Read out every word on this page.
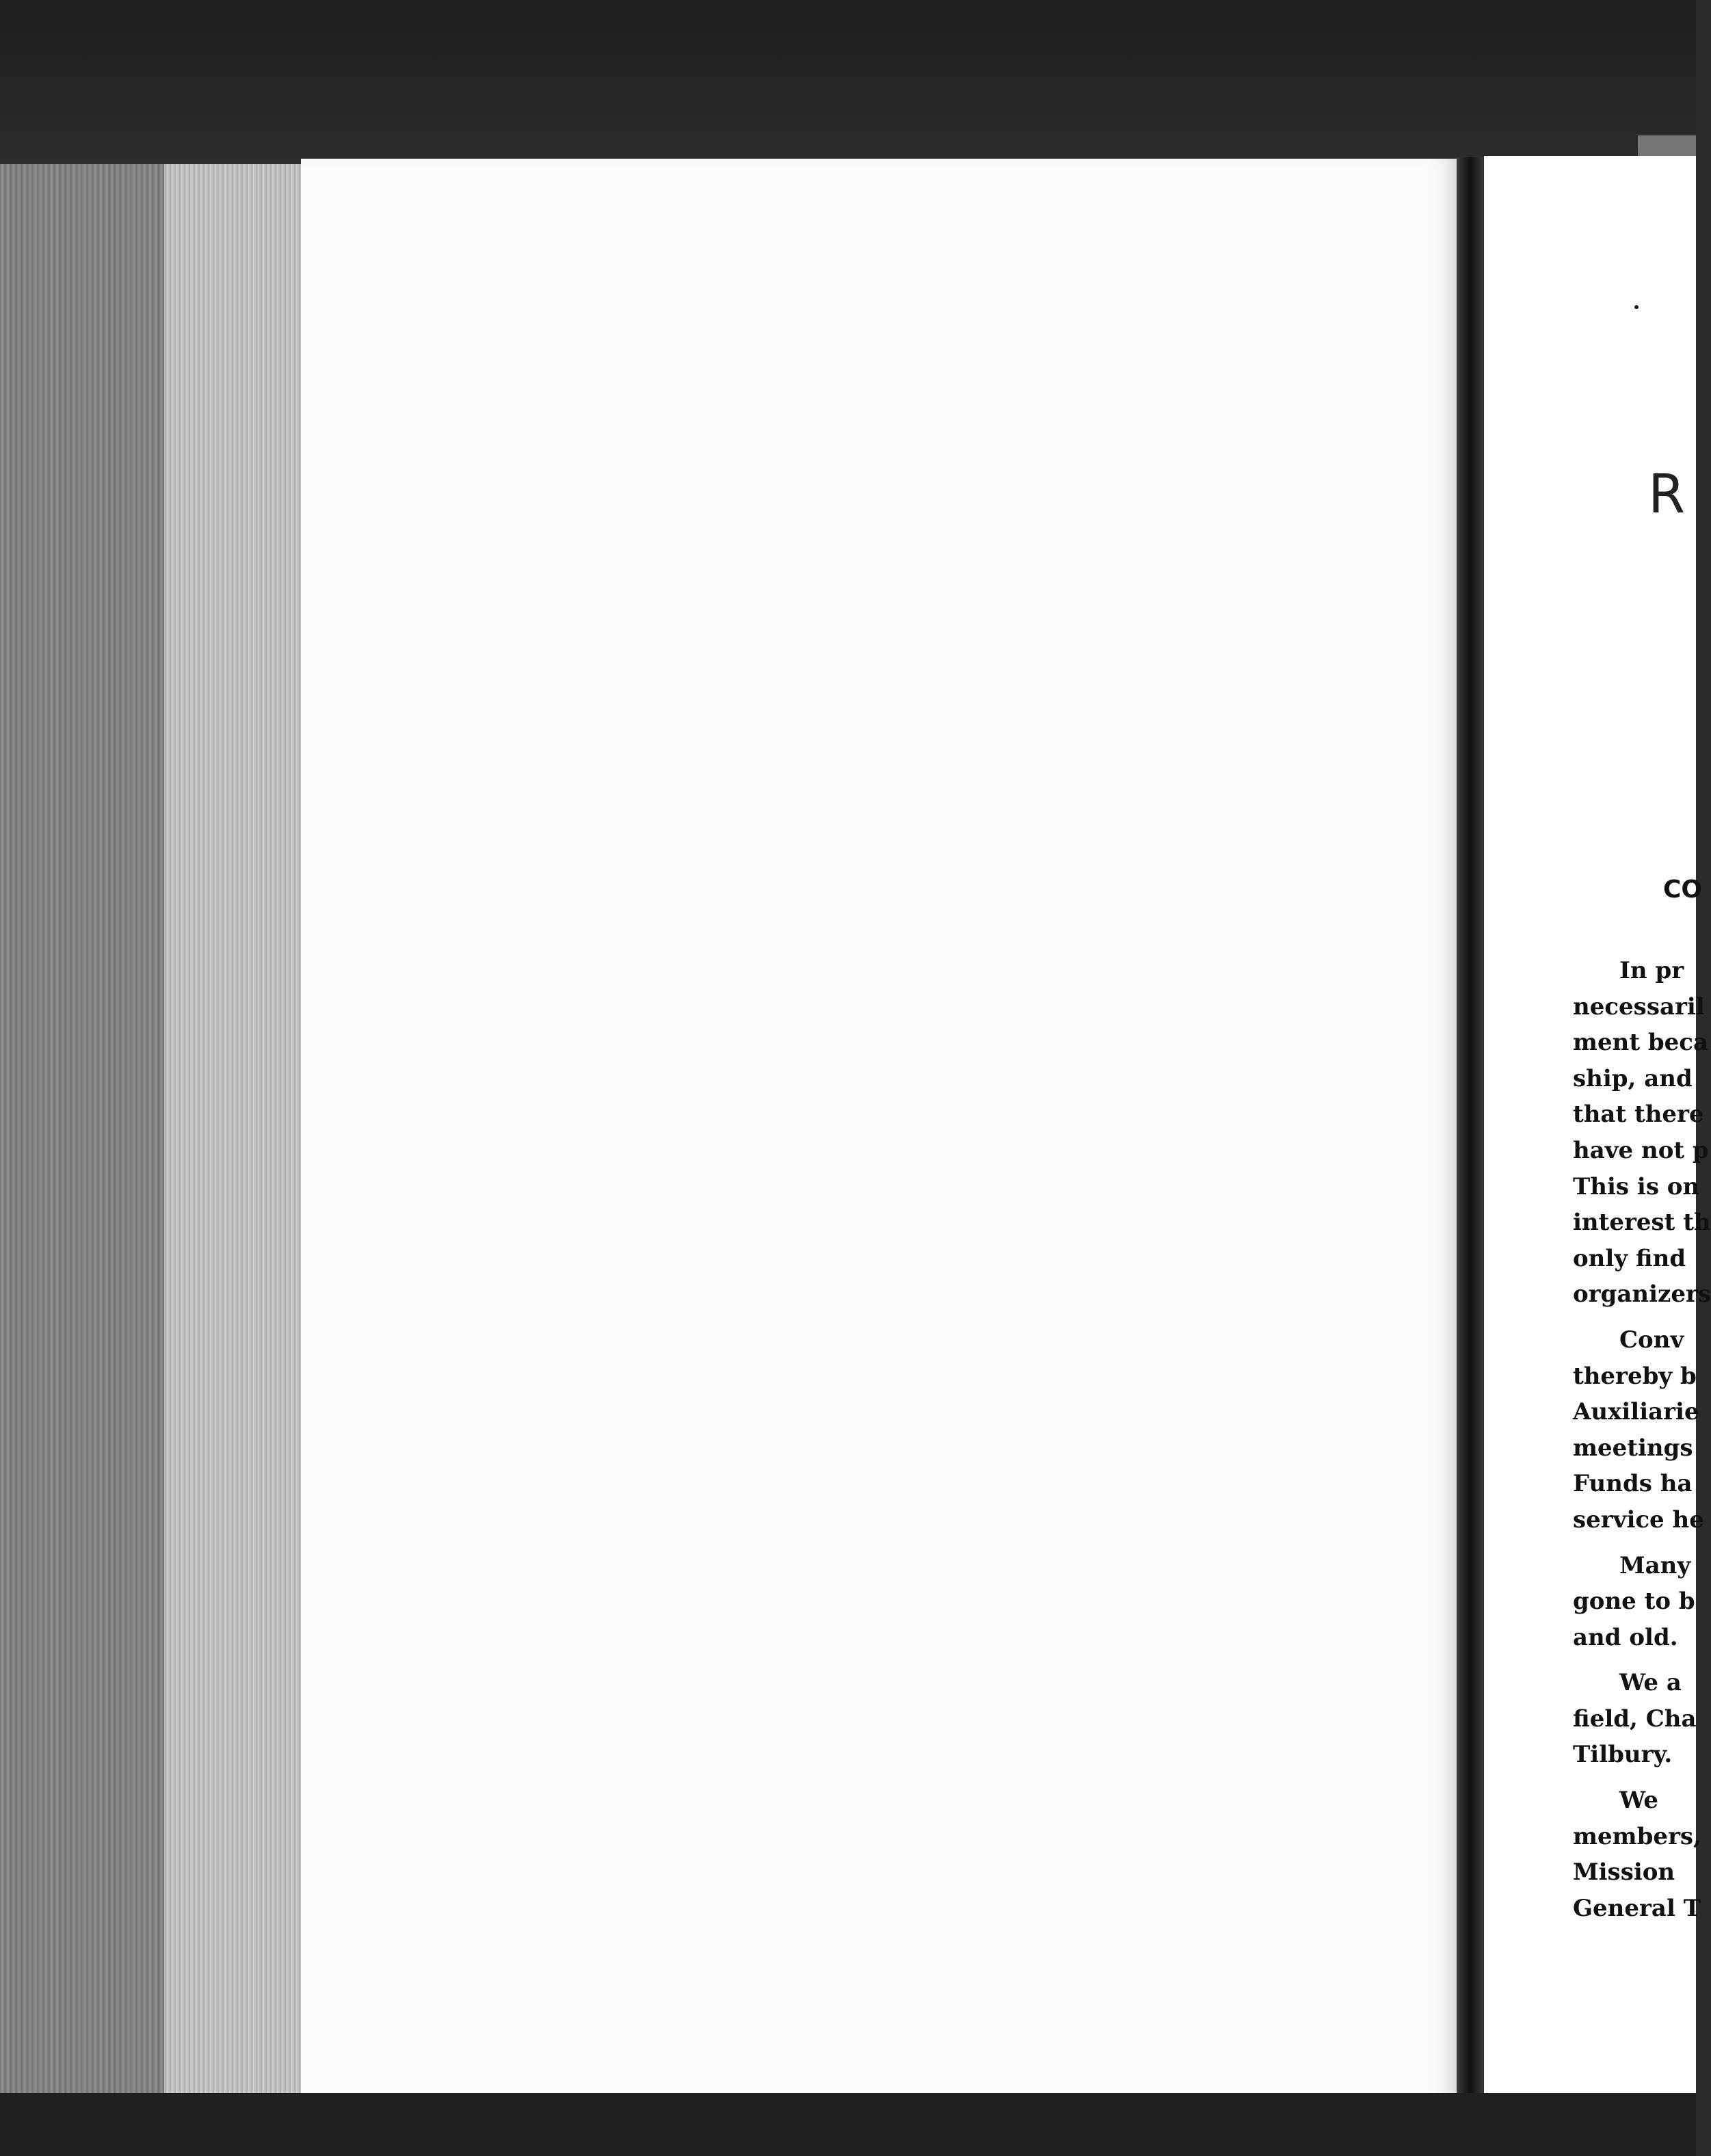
R
CO
In pr
necessaril
ment beca
ship, and
that there
have not p
This is on
interest th
only find
organizers
Conv
thereby b
Auxiliarie
meetings
Funds ha
service he
Many
gone to b
and old.
We a
field, Cha
Tilbury.
We
members,
Mission
General T
